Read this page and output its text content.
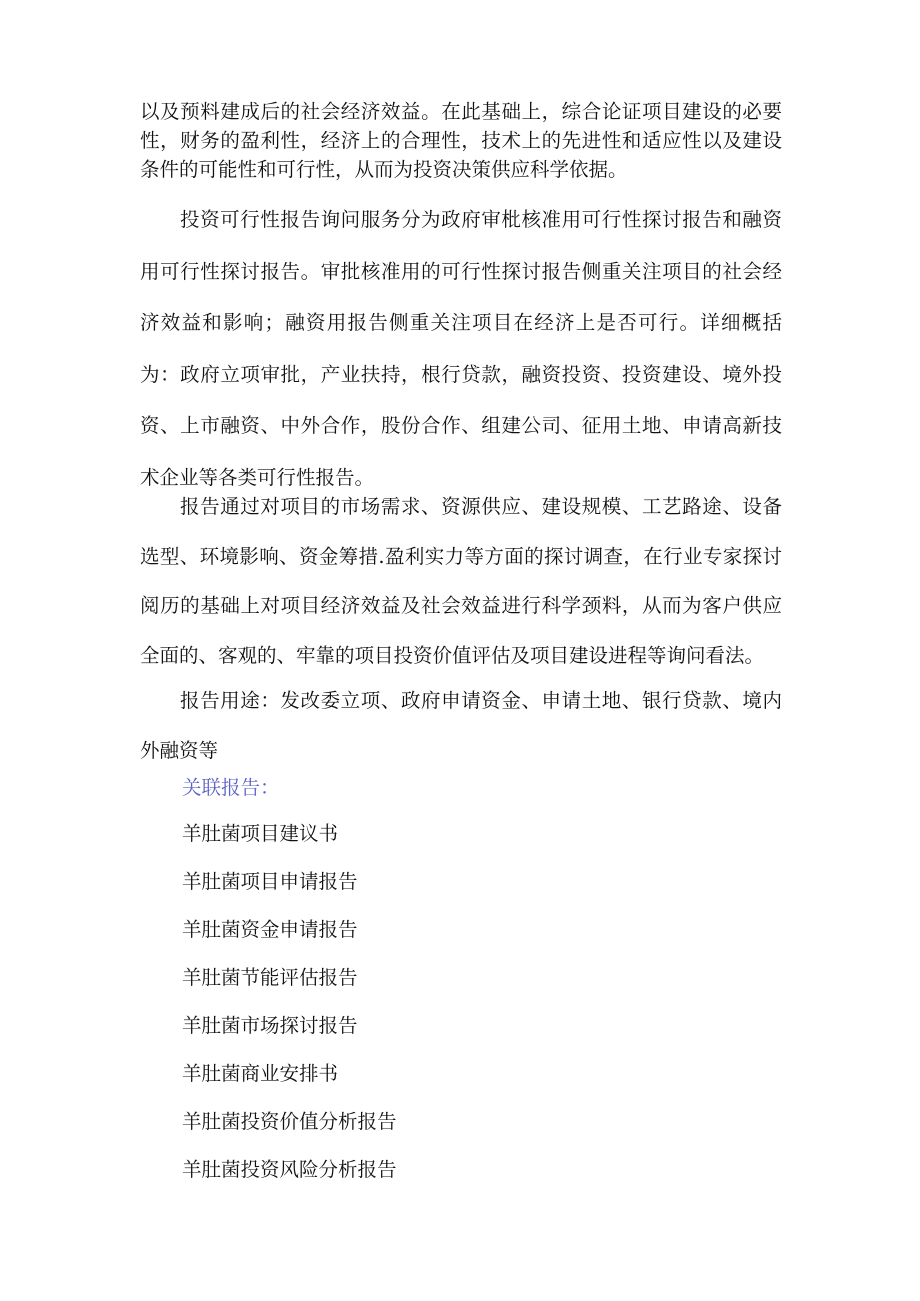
以及预料建成后的社会经济效益。在此基础上，综合论证项目建设的必要性，财务的盈利性，经济上的合理性，技术上的先进性和适应性以及建设条件的可能性和可行性，从而为投资决策供应科学依据。

投资可行性报告询问服务分为政府审枇核准用可行性探讨报告和融资用可行性探讨报告。审批核准用的可行性探讨报告侧重关注项目的社会经济效益和影响；融资用报告侧重关注项目在经济上是否可行。详细概括为：政府立项审批，产业扶持，根行贷款，融资投资、投资建设、境外投资、上市融资、中外合作，股份合作、组建公司、征用土地、申请高新技术企业等各类可行性报告。

报告通过对项目的市场需求、资源供应、建设规模、工艺路途、设备选型、环境影响、资金筹措.盈利实力等方面的探讨调查，在行业专家探讨阅历的基础上对项目经济效益及社会效益进行科学颈料，从而为客户供应全面的、客观的、牢靠的项目投资价值评估及项目建设进程等询问看法。

报告用途：发改委立项、政府申请资金、申请土地、银行贷款、境内外融资等

关联报告：

羊肚菌项目建议书
羊肚菌项目申请报告
羊肚菌资金申请报告
羊肚菌节能评估报告
羊肚菌市场探讨报告
羊肚菌商业安排书
羊肚菌投资价值分析报告
羊肚菌投资风险分析报告
